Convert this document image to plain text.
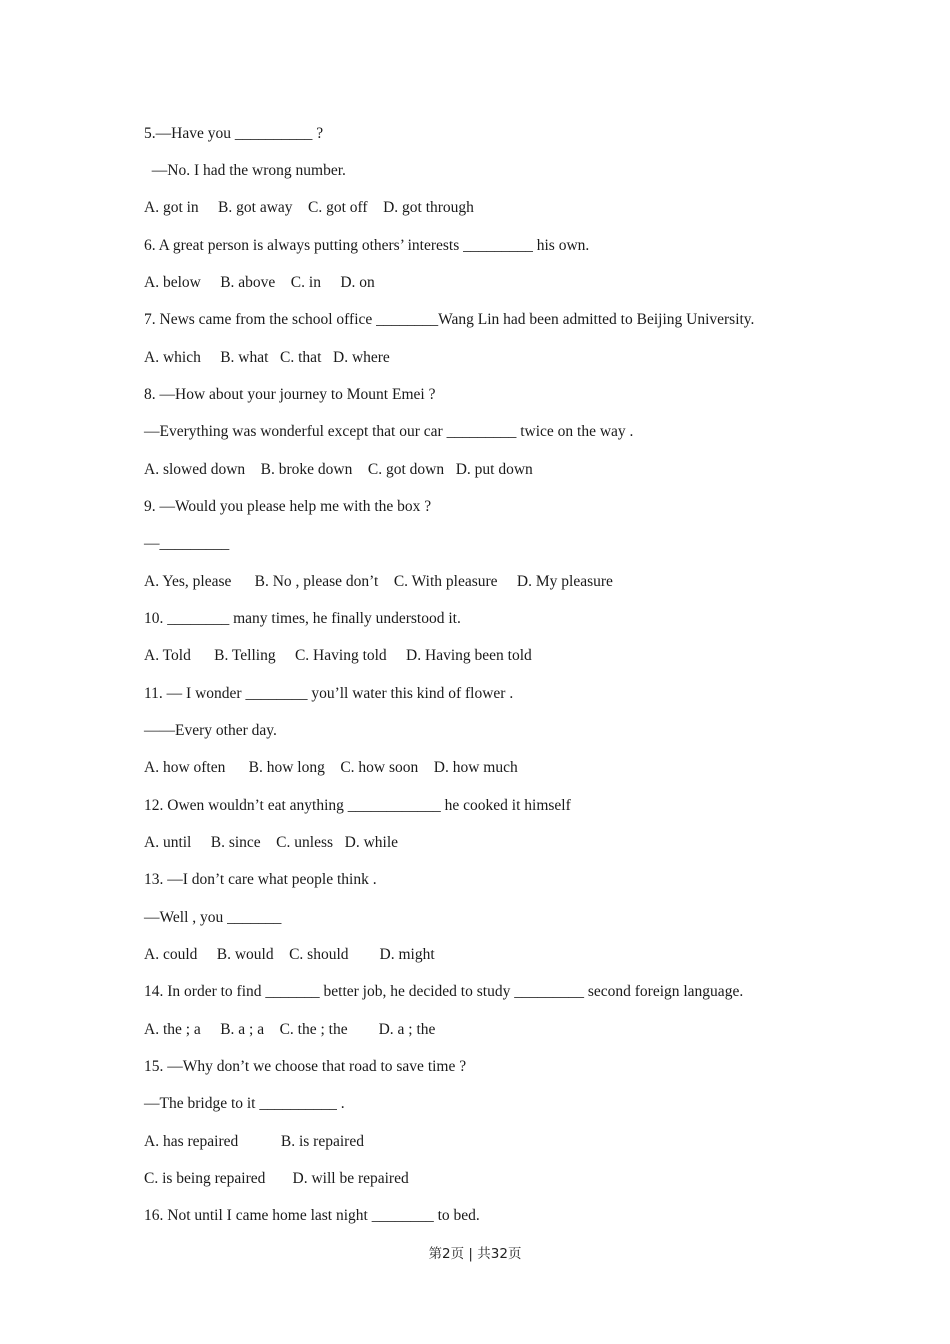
5.—Have you __________ ?
—No. I had the wrong number.
A. got in     B. got away    C. got off    D. got through
6. A great person is always putting others’ interests _________ his own.
A. below     B. above    C. in     D. on
7. News came from the school office ________Wang Lin had been admitted to Beijing University.
A. which     B. what   C. that   D. where
8. —How about your journey to Mount Emei ?
—Everything was wonderful except that our car _________ twice on the way .
A. slowed down    B. broke down    C. got down   D. put down
9. —Would you please help me with the box ?
—_________
A. Yes, please      B. No , please don’t    C. With pleasure     D. My pleasure
10. ________ many times, he finally understood it.
A. Told      B. Telling     C. Having told     D. Having been told
11. — I wonder ________ you’ll water this kind of flower .
——Every other day.
A. how often      B. how long    C. how soon    D. how much
12. Owen wouldn’t eat anything ____________ he cooked it himself
A. until     B. since    C. unless   D. while
13. —I don’t care what people think .
—Well , you _______
A. could     B. would    C. should        D. might
14. In order to find _______ better job, he decided to study _________ second foreign language.
A. the ; a     B. a ; a    C. the ; the        D. a ; the
15. —Why don’t we choose that road to save time ?
—The bridge to it __________ .
A. has repaired           B. is repaired
C. is being repaired       D. will be repaired
16. Not until I came home last night ________ to bed.
第2页 | 共32页
